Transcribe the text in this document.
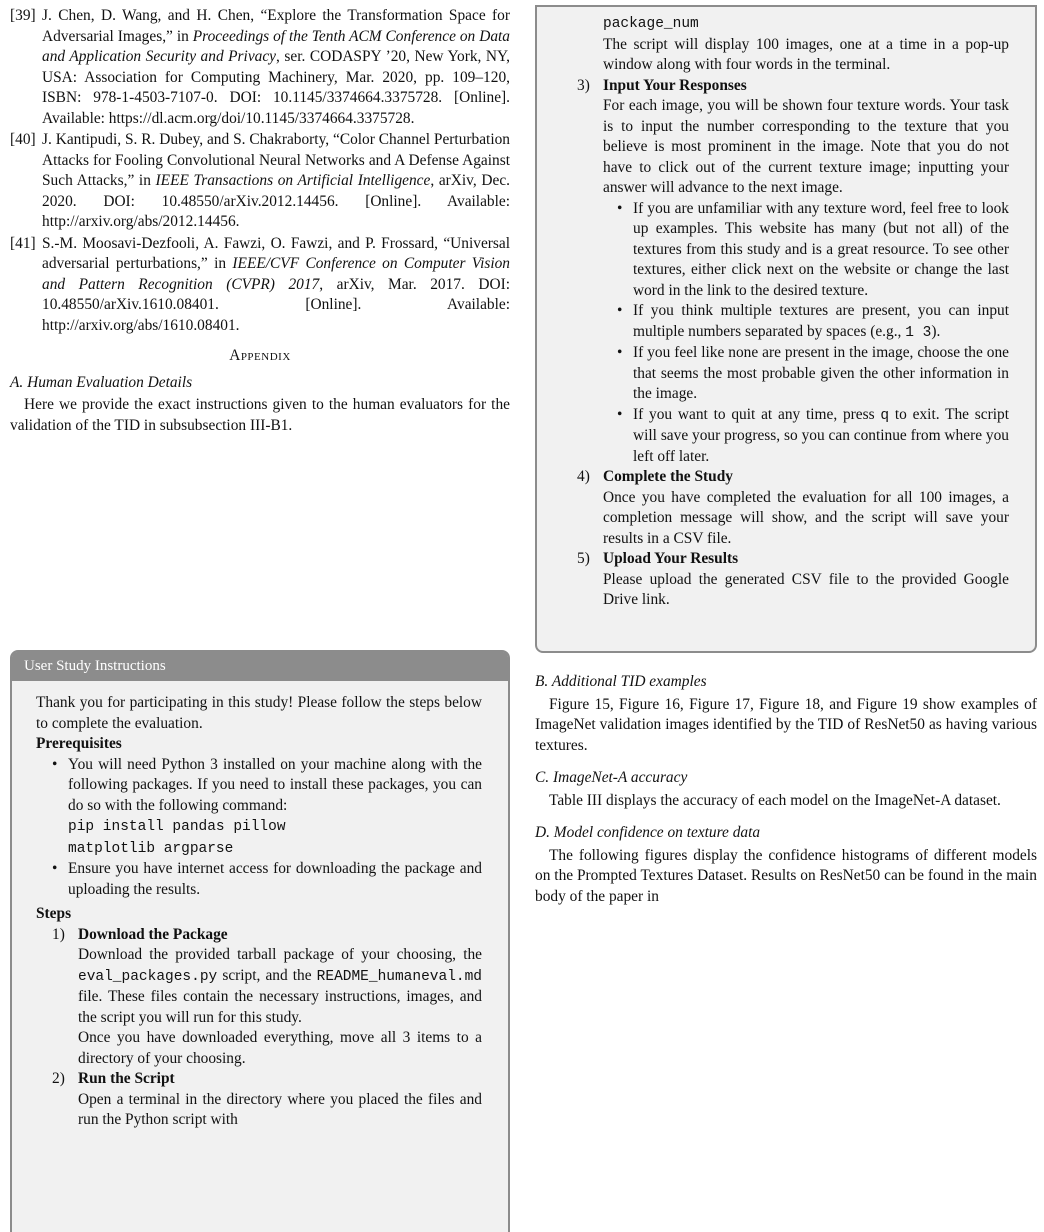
[39] J. Chen, D. Wang, and H. Chen, “Explore the Transformation Space for Adversarial Images,” in Proceedings of the Tenth ACM Conference on Data and Application Security and Privacy, ser. CODASPY ’20, New York, NY, USA: Association for Computing Machinery, Mar. 2020, pp. 109–120, ISBN: 978-1-4503-7107-0. DOI: 10.1145/3374664.3375728. [Online]. Available: https://dl.acm.org/doi/10.1145/3374664.3375728.
[40] J. Kantipudi, S. R. Dubey, and S. Chakraborty, “Color Channel Perturbation Attacks for Fooling Convolutional Neural Networks and A Defense Against Such Attacks,” in IEEE Transactions on Artificial Intelligence, arXiv, Dec. 2020. DOI: 10.48550/arXiv.2012.14456. [Online]. Available: http://arxiv.org/abs/2012.14456.
[41] S.-M. Moosavi-Dezfooli, A. Fawzi, O. Fawzi, and P. Frossard, “Universal adversarial perturbations,” in IEEE/CVF Conference on Computer Vision and Pattern Recognition (CVPR) 2017, arXiv, Mar. 2017. DOI: 10.48550/arXiv.1610.08401. [Online]. Available: http://arxiv.org/abs/1610.08401.
Appendix
A. Human Evaluation Details

Here we provide the exact instructions given to the human evaluators for the validation of the TID in subsubsection III-B1.

User Study Instructions
Thank you for participating in this study! Please follow the steps below to complete the evaluation.
Prerequisites
• You will need Python 3 installed on your machine along with the following packages. If you need to install these packages, you can do so with the following command:
pip install pandas pillow
matplotlib argparse
• Ensure you have internet access for downloading the package and uploading the results.
Steps
1) Download the Package
Download the provided tarball package of your choosing, the eval_packages.py script, and the README_humaneval.md file. These files contain the necessary instructions, images, and the script you will run for this study.
Once you have downloaded everything, move all 3 items to a directory of your choosing.
2) Run the Script
Open a terminal in the directory where you placed the files and run the Python script with
package_num
The script will display 100 images, one at a time in a pop-up window along with four words in the terminal.
3) Input Your Responses
For each image, you will be shown four texture words. Your task is to input the number corresponding to the texture that you believe is most prominent in the image. Note that you do not have to click out of the current texture image; inputting your answer will advance to the next image.
• If you are unfamiliar with any texture word, feel free to look up examples. This website has many (but not all) of the textures from this study and is a great resource. To see other textures, either click next on the website or change the last word in the link to the desired texture.
• If you think multiple textures are present, you can input multiple numbers separated by spaces (e.g., 1 3).
• If you feel like none are present in the image, choose the one that seems the most probable given the other information in the image.
• If you want to quit at any time, press q to exit. The script will save your progress, so you can continue from where you left off later.
4) Complete the Study
Once you have completed the evaluation for all 100 images, a completion message will show, and the script will save your results in a CSV file.
5) Upload Your Results
Please upload the generated CSV file to the provided Google Drive link.
B. Additional TID examples

Figure 15, Figure 16, Figure 17, Figure 18, and Figure 19 show examples of ImageNet validation images identified by the TID of ResNet50 as having various textures.

C. ImageNet-A accuracy

Table III displays the accuracy of each model on the ImageNet-A dataset.

D. Model confidence on texture data

The following figures display the confidence histograms of different models on the Prompted Textures Dataset. Results on ResNet50 can be found in the main body of the paper in
